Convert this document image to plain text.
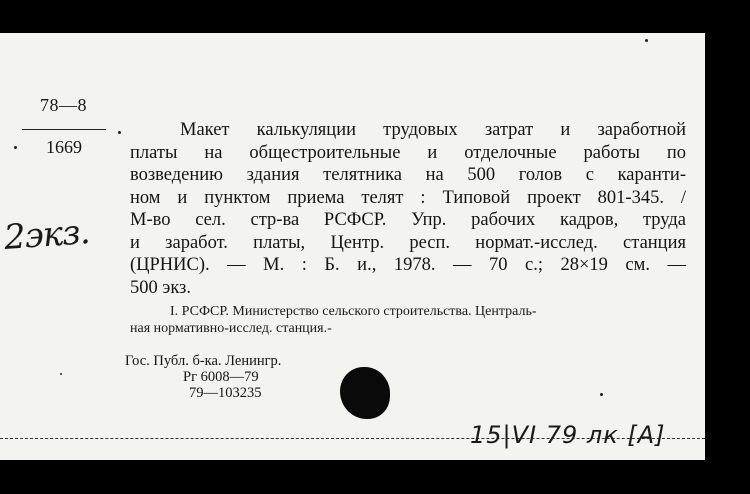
78—8
1669
2экз.
Макет калькуляции трудовых затрат и заработной
платы на общестроительные и отделочные работы по
возведению здания телятника на 500 голов с каранти-
ном и пунктом приема телят : Типовой проект 801-345. /
М-во сел. стр-ва РСФСР. Упр. рабочих кадров, труда
и заработ. платы, Центр. респ. нормат.-исслед. станция
(ЦРНИС). — М. : Б. и., 1978. — 70 с.; 28×19 см. —
500 экз.
I. РСФСР. Министерство сельского строительства. Централь-
ная нормативно-исслед. станция.-
Гос. Публ. б-ка. Ленингр.
Рг 6008—79
79—103235
15|VI 79 лк [А]
